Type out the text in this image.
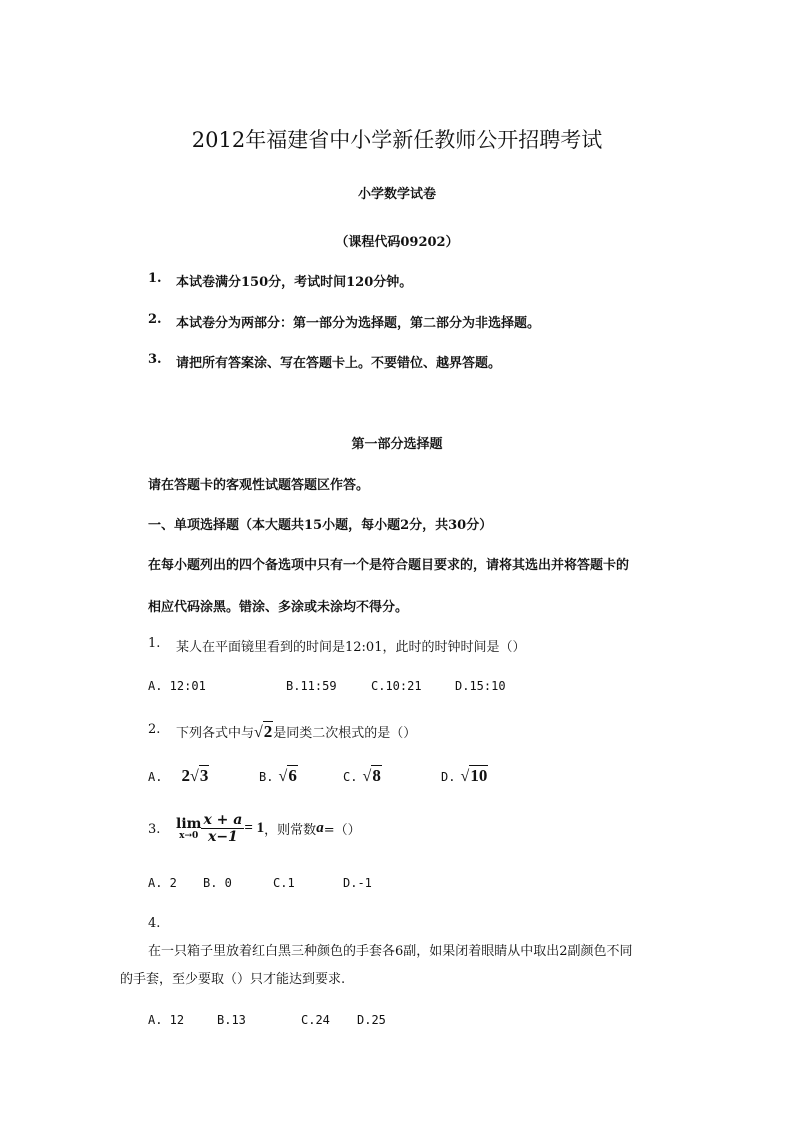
2012年福建省中小学新任教师公开招聘考试
小学数学试卷
（课程代码09202）
1. 本试卷满分150分，考试时间120分钟。
2. 本试卷分为两部分：第一部分为选择题，第二部分为非选择题。
3. 请把所有答案涂、写在答题卡上。不要错位、越界答题。
第一部分选择题
请在答题卡的客观性试题答题区作答。
一、单项选择题（本大题共15小题，每小题2分，共30分）
在每小题列出的四个备选项中只有一个是符合题目要求的，请将其选出并将答题卡的
相应代码涂黑。错涂、多涂或未涂均不得分。
1. 某人在平面镜里看到的时间是12:01，此时的时钟时间是（）
A. 12:01	B.11:59	C.10:21	D.15:10
2. 下列各式中与√2是同类二次根式的是（）
A. 2√3	B. √6	C. √8	D. √10
3. lim
$x\to 0 \frac{x + a}{x-1} = 1$，则常数a=（）
A. 2 B. 0	C.1	D.-1
4.
在一只箱子里放着红白黑三种颜色的手套各6副，如果闭着眼睛从中取出2副颜色不同
的手套，至少要取（）只才能达到要求.
A. 12	B.13	C.24 D.25
